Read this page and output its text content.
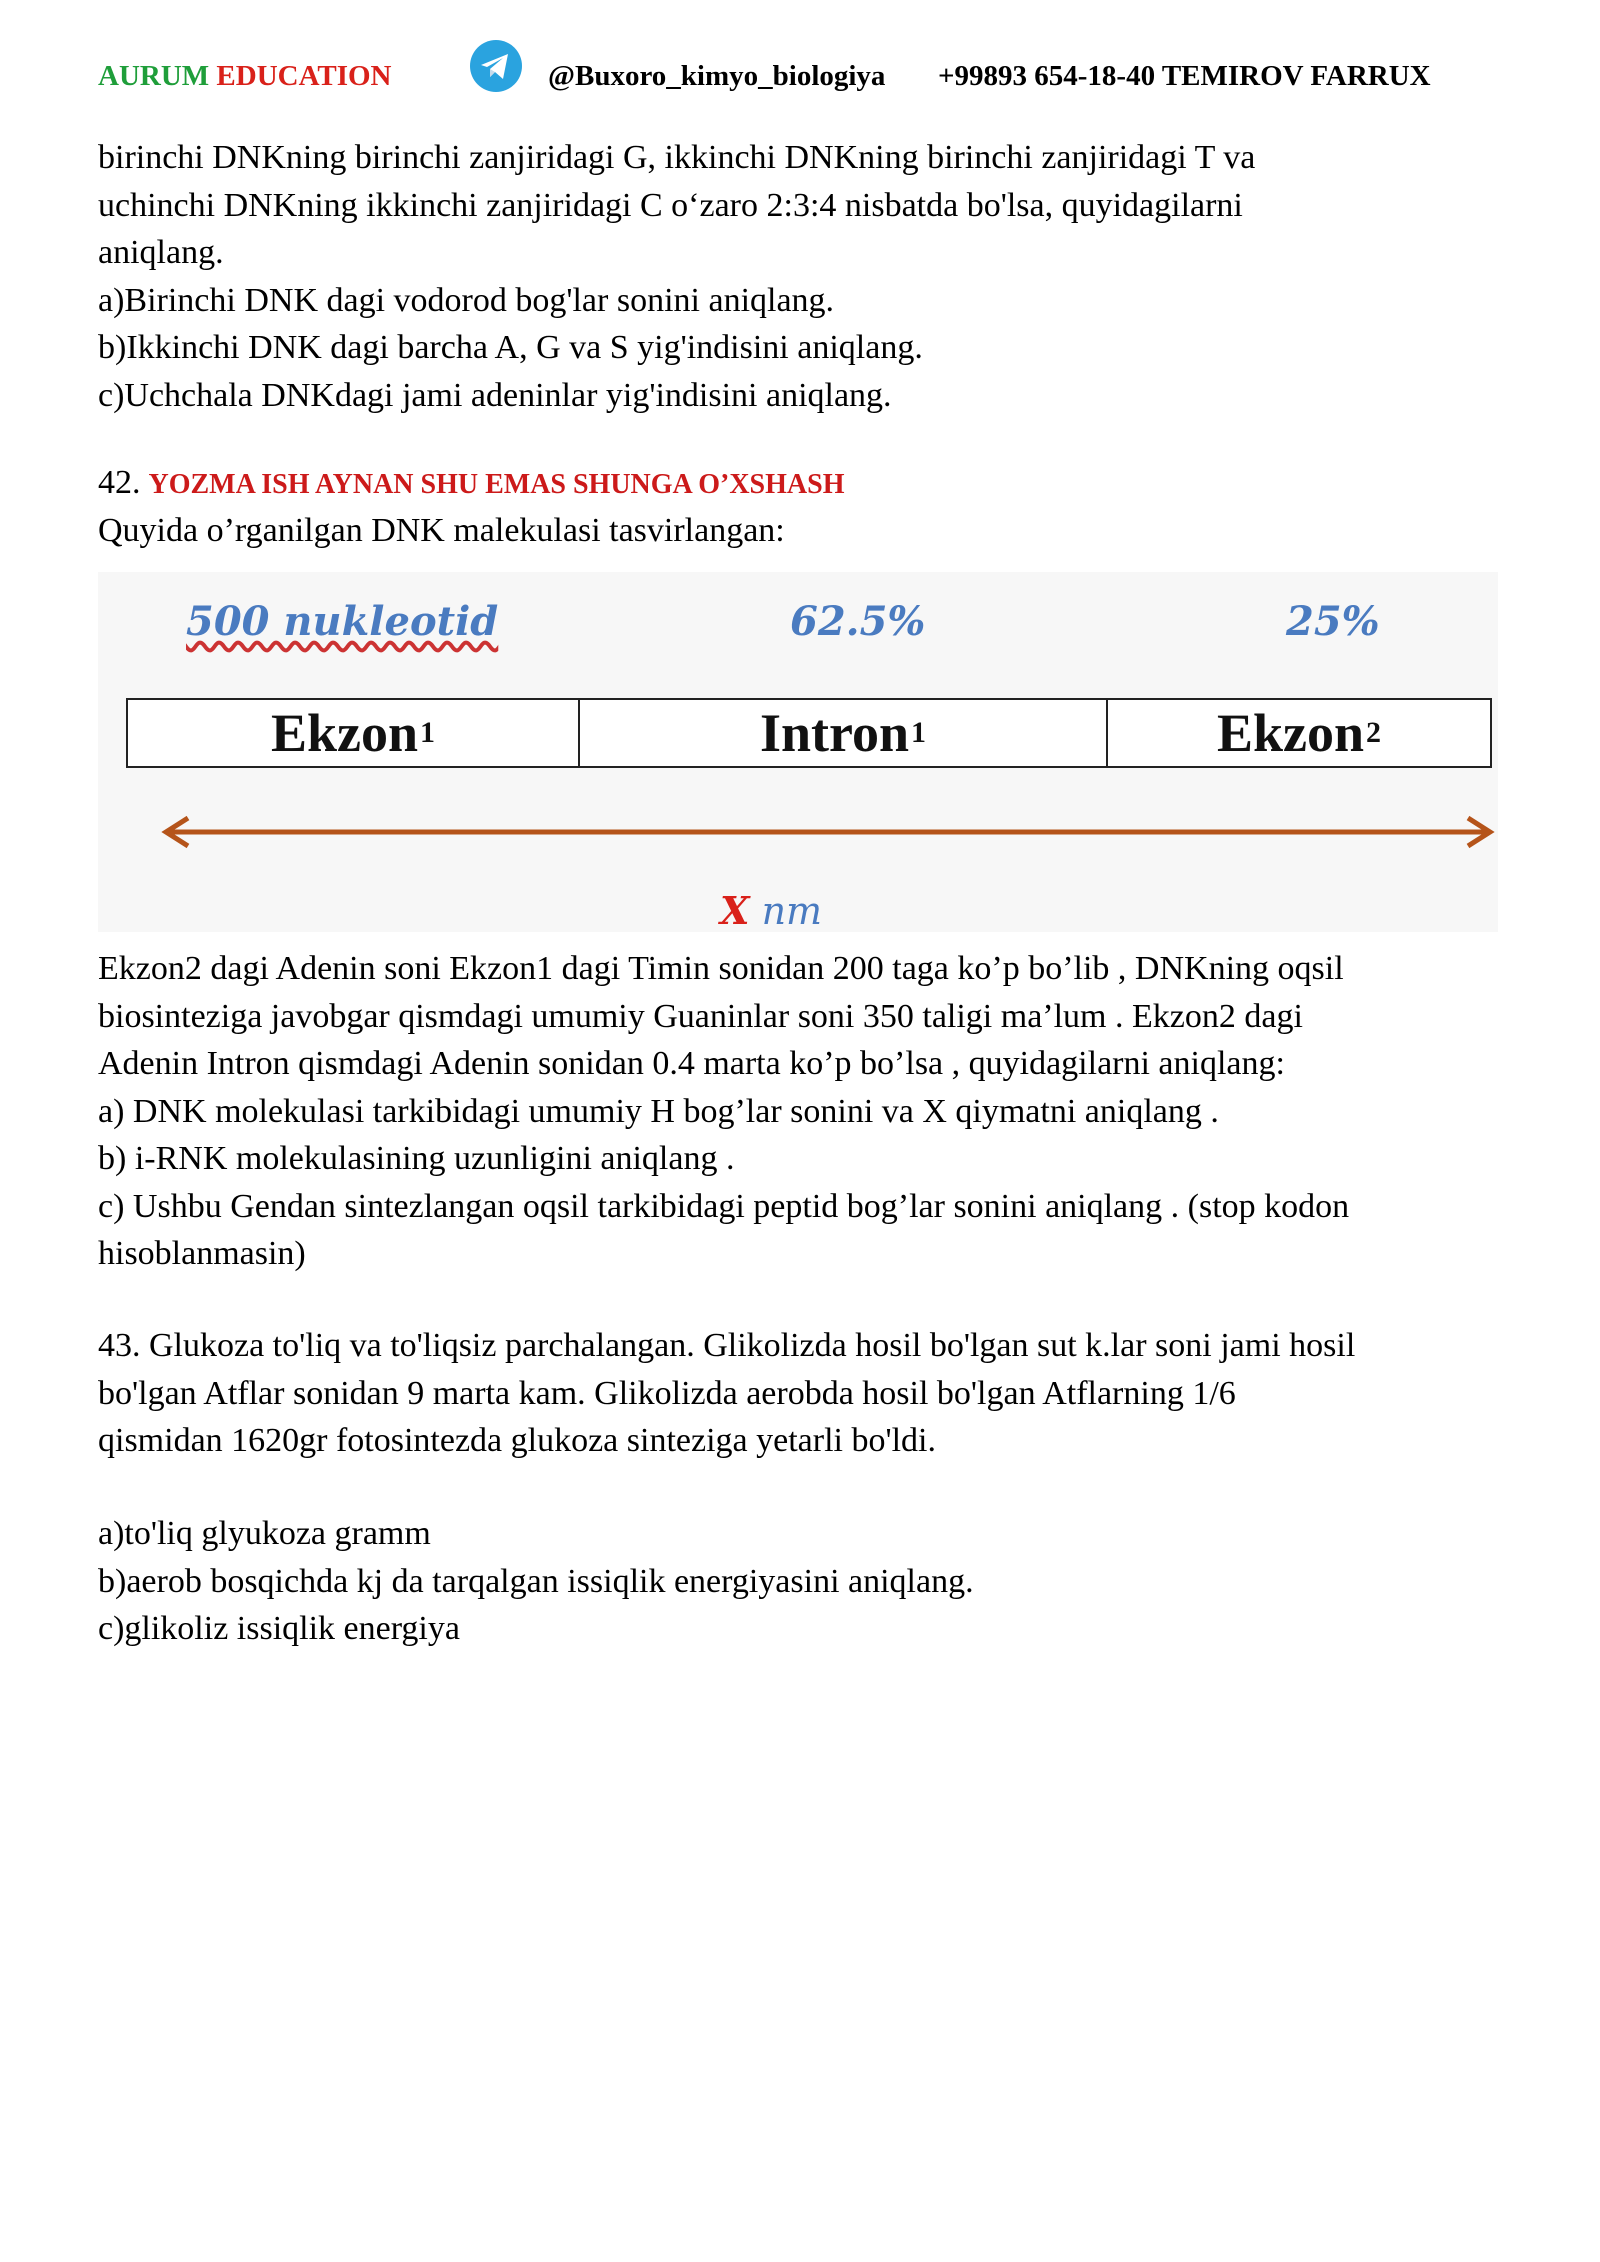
AURUM EDUCATION	@Buxoro_kimyo_biologiya +99893 654-18-40 TEMIROV FARRUX

birinchi DNKning birinchi zanjiridagi G, ikkinchi DNKning birinchi zanjiridagi T va

uchinchi DNKning ikkinchi zanjiridagi C o‘zaro 2:3:4 nisbatda bo'lsa, quyidagilarni

aniqlang.

a)Birinchi DNK dagi vodorod bog'lar sonini aniqlang.

b)Ikkinchi DNK dagi barcha A, G va S yig'indisini aniqlang.

c)Uchchala DNKdagi jami adeninlar yig'indisini aniqlang.

42. YOZMA ISH AYNAN SHU EMAS SHUNGA O’XSHASH

Quyida o’rganilgan DNK malekulasi tasvirlangan:

500 nukleotid	62.5%	25%
Ekzon 1	Intron 1	Ekzon 2
X nm

Ekzon2 dagi Adenin soni Ekzon1 dagi Timin sonidan 200 taga ko’p bo’lib , DNKning oqsil

biosinteziga javobgar qismdagi umumiy Guaninlar soni 350 taligi ma’lum . Ekzon2 dagi

Adenin Intron qismdagi Adenin sonidan 0.4 marta ko’p bo’lsa , quyidagilarni aniqlang:

a) DNK molekulasi tarkibidagi umumiy H bog’lar sonini va X qiymatni aniqlang .

b) i-RNK molekulasining uzunligini aniqlang .

c) Ushbu Gendan sintezlangan oqsil tarkibidagi peptid bog’lar sonini aniqlang . (stop kodon

hisoblanmasin)

43. Glukoza to'liq va to'liqsiz parchalangan. Glikolizda hosil bo'lgan sut k.lar soni jami hosil

bo'lgan Atflar sonidan 9 marta kam. Glikolizda aerobda hosil bo'lgan Atflarning 1/6

qismidan 1620gr fotosintezda glukoza sinteziga yetarli bo'ldi.

a)to'liq glyukoza gramm

b)aerob bosqichda kj da tarqalgan issiqlik energiyasini aniqlang.

c)glikoliz issiqlik energiya
